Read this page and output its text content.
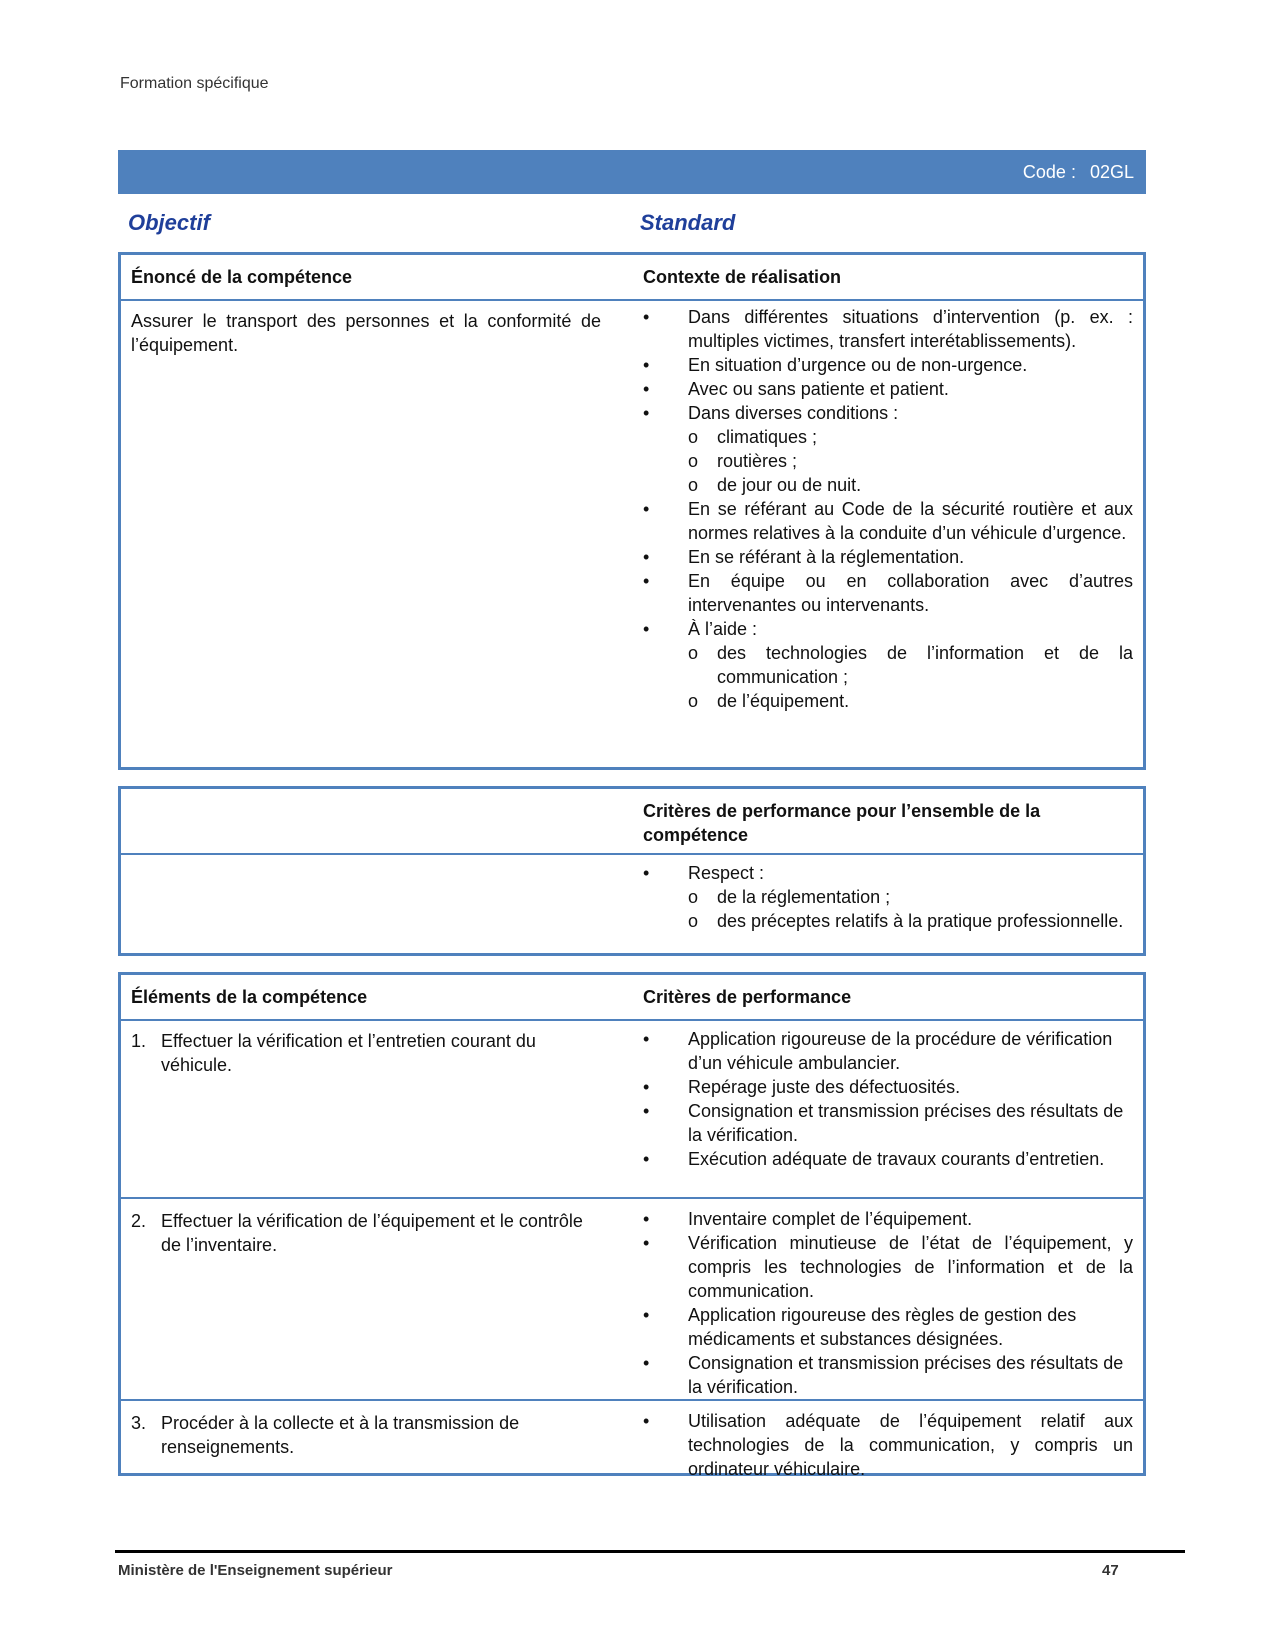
Formation spécifique
Code : 02GL
Objectif	Standard
Énoncé de la compétence	Contexte de réalisation
Assurer le transport des personnes et la conformité de l’équipement.
• Dans différentes situations d’intervention (p. ex. : multiples victimes, transfert interétablissements).
• En situation d’urgence ou de non-urgence.
• Avec ou sans patiente et patient.
• Dans diverses conditions :
o climatiques ;
o routières ;
o de jour ou de nuit.
• En se référant au Code de la sécurité routière et aux normes relatives à la conduite d’un véhicule d’urgence.
• En se référant à la réglementation.
• En équipe ou en collaboration avec d’autres intervenantes ou intervenants.
• À l’aide :
o des technologies de l’information et de la communication ;
o de l’équipement.
Critères de performance pour l’ensemble de la compétence
• Respect :
o de la réglementation ;
o des préceptes relatifs à la pratique professionnelle.
Éléments de la compétence	Critères de performance
1. Effectuer la vérification et l’entretien courant du véhicule.
• Application rigoureuse de la procédure de vérification d’un véhicule ambulancier.
• Repérage juste des défectuosités.
• Consignation et transmission précises des résultats de la vérification.
• Exécution adéquate de travaux courants d’entretien.
2. Effectuer la vérification de l’équipement et le contrôle de l’inventaire.
• Inventaire complet de l’équipement.
• Vérification minutieuse de l’état de l’équipement, y compris les technologies de l’information et de la communication.
• Application rigoureuse des règles de gestion des médicaments et substances désignées.
• Consignation et transmission précises des résultats de la vérification.
3. Procéder à la collecte et à la transmission de renseignements.
• Utilisation adéquate de l’équipement relatif aux technologies de la communication, y compris un ordinateur véhiculaire.
Ministère de l'Enseignement supérieur	47
